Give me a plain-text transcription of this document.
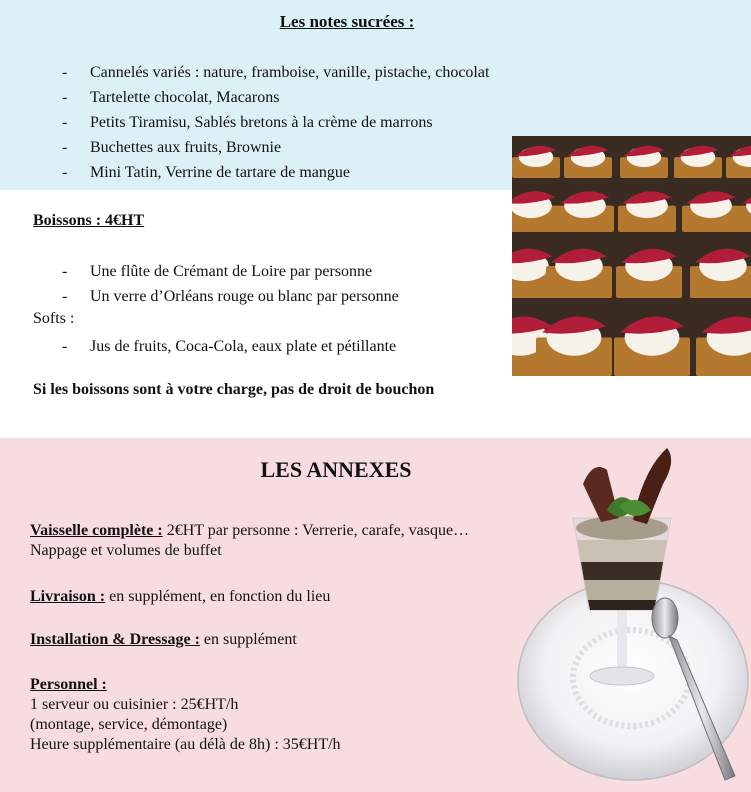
Les notes sucrées :
- Cannelés variés : nature, framboise, vanille, pistache, chocolat
- Tartelette chocolat, Macarons
- Petits Tiramisu, Sablés bretons à la crème de marrons
- Buchettes aux fruits, Brownie
- Mini Tatin, Verrine de tartare de mangue
Boissons : 4€HT
- Une flûte de Crémant de Loire par personne
- Un verre d’Orléans rouge ou blanc par personne
Softs :
- Jus de fruits, Coca-Cola, eaux plate et pétillante
Si les boissons sont à votre charge, pas de droit de bouchon
LES ANNEXES
Vaisselle complète : 2€HT par personne : Verrerie, carafe, vasque…
Nappage et volumes de buffet
Livraison : en supplément, en fonction du lieu
Installation & Dressage : en supplément
Personnel :
1 serveur ou cuisinier : 25€HT/h
(montage, service, démontage)
Heure supplémentaire (au délà de 8h) : 35€HT/h
